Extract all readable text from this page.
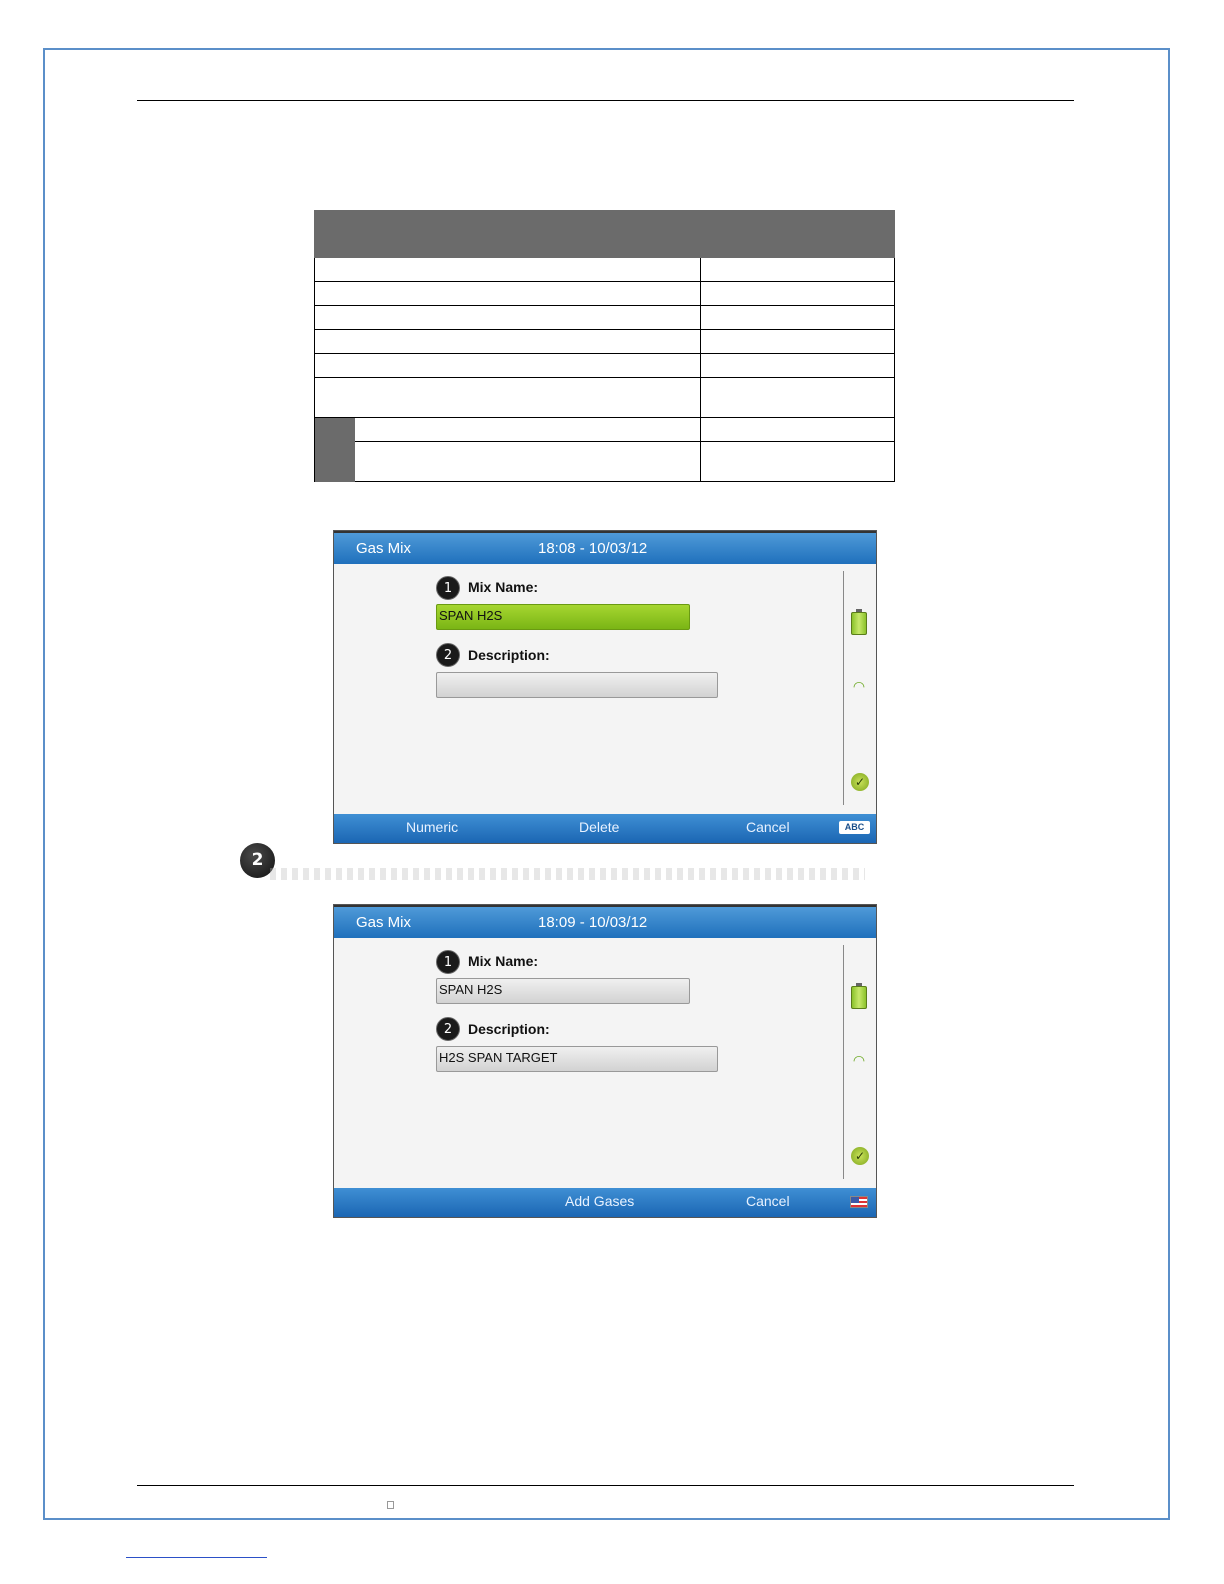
Gas Mix	18:08 - 10/03/12
1	Mix Name:
SPAN H2S
2	Description:
◠
✓
Numeric	Delete	Cancel	ABC
2
Gas Mix	18:09 - 10/03/12
1	Mix Name:
SPAN H2S
2	Description:
H2S SPAN TARGET	◠
✓
Add Gases	Cancel
